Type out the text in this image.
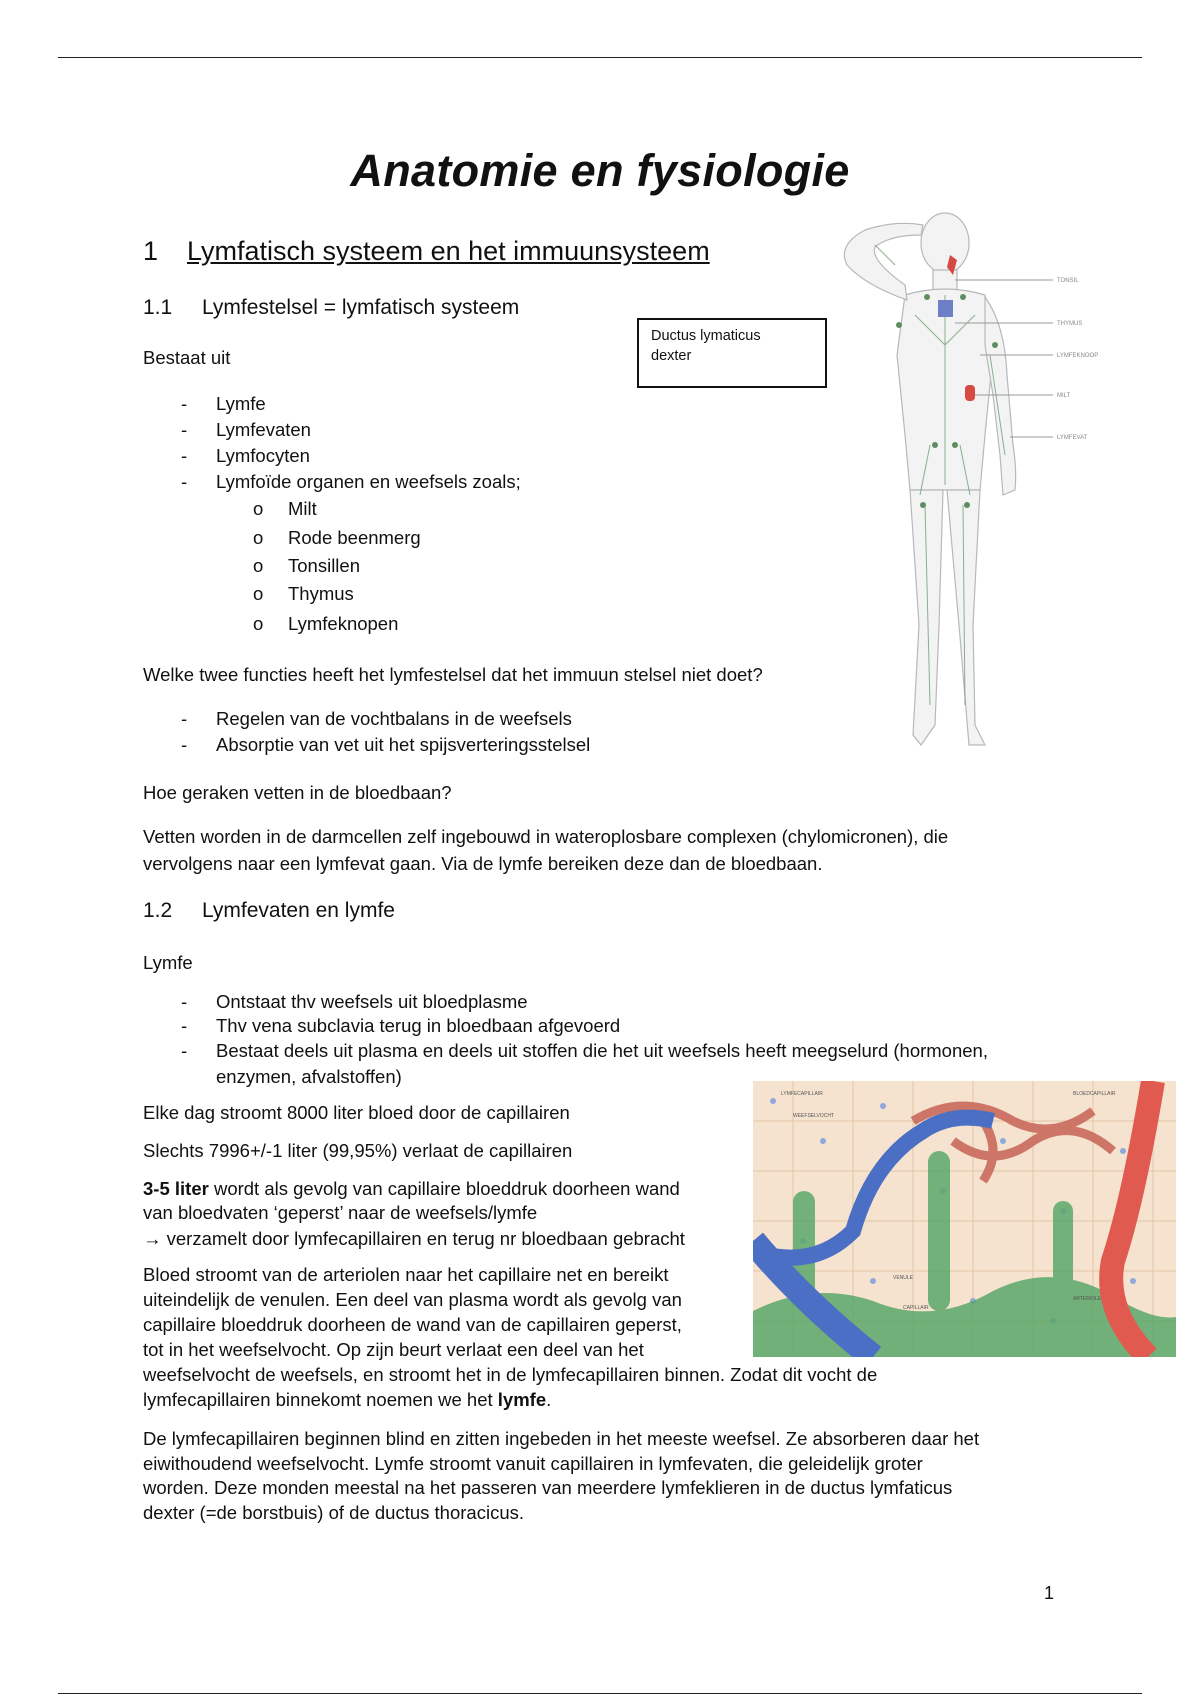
Anatomie en fysiologie
1 Lymfatisch systeem en het immuunsysteem
1.1 Lymfestelsel = lymfatisch systeem
Ductus lymaticus
dexter
Bestaat uit
- Lymfe
- Lymfevaten
- Lymfocyten
- Lymfoïde organen en weefsels zoals;
o Milt
o Rode beenmerg
o Tonsillen
o Thymus
o Lymfeknopen
Welke twee functies heeft het lymfestelsel dat het immuun stelsel niet doet?
- Regelen van de vochtbalans in de weefsels
- Absorptie van vet uit het spijsverteringsstelsel
Hoe geraken vetten in de bloedbaan?
Vetten worden in de darmcellen zelf ingebouwd in wateroplosbare complexen (chylomicronen), die
vervolgens naar een lymfevat gaan. Via de lymfe bereiken deze dan de bloedbaan.
1.2 Lymfevaten en lymfe
Lymfe
- Ontstaat thv weefsels uit bloedplasme
- Thv vena subclavia terug in bloedbaan afgevoerd
- Bestaat deels uit plasma en deels uit stoffen die het uit weefsels heeft meegselurd (hormonen,
enzymen, afvalstoffen)
Elke dag stroomt 8000 liter bloed door de capillairen
Slechts 7996+/-1 liter (99,95%) verlaat de capillairen
3-5 liter wordt als gevolg van capillaire bloeddruk doorheen wand
van bloedvaten ‘geperst’ naar de weefsels/lymfe
→ verzamelt door lymfecapillairen en terug nr bloedbaan gebracht
Bloed stroomt van de arteriolen naar het capillaire net en bereikt
uiteindelijk de venulen. Een deel van plasma wordt als gevolg van
capillaire bloeddruk doorheen de wand van de capillairen geperst,
tot in het weefselvocht. Op zijn beurt verlaat een deel van het
weefselvocht de weefsels, en stroomt het in de lymfecapillairen binnen. Zodat dit vocht de
lymfecapillairen binnekomt noemen we het lymfe.
De lymfecapillairen beginnen blind en zitten ingebeden in het meeste weefsel. Ze absorberen daar het
eiwithoudend weefselvocht. Lymfe stroomt vanuit capillairen in lymfevaten, die geleidelijk groter
worden. Deze monden meestal na het passeren van meerdere lymfeklieren in de ductus lymfaticus
dexter (=de borstbuis) of de ductus thoracicus.
TONSIL
THYMUS
LYMFEKNOOP
MILT
LYMFEVAT
LYMFECAPILLAIR
WEEFSELVOCHT
BLOEDCAPILLAIR
VENULE
CAPILLAIR
ARTERIOLE
1
